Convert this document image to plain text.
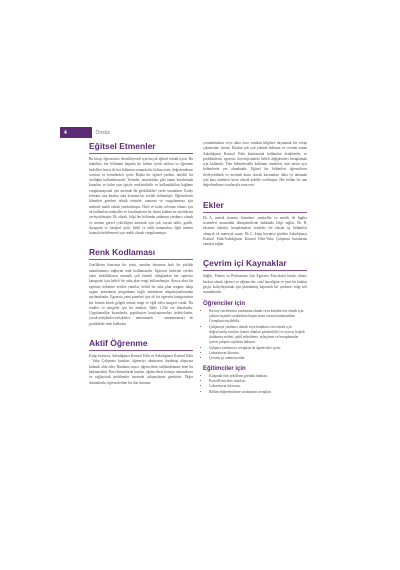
4	Önsöz
Eğitsel Etmenler

Bu kitap, öğrencinizi destekleyecek için birçok eğitsel teknik içerir. Bu teknikler, her bölümün başında bir bölüm içerik tablosu ve öğrenme hedefleri listesi ile her bölümün sonunda bir bölüm özeti, değerlendirme soruları ve terimlerden içerir. Başka bir eğitsel yardım, nörolik bir sözlüğün kullanılmasıdır. Terimler, tanımlıkları gibi tanım kutularında konuları ve kalın yazı tipiyle renklendirilir ve kullanıldıkları bağlamı vurgulamayarak için metinde ilk görüldükleri yerde tanımlanır. Kolay referans için kitabın arka kısmına bir sözlük eklenmiştir. Öğrencilerin bilmeleri gereken teknik terimler, anatomi ve vurgulanması için metinde mahlı olarak yazdırılmıştır. Hızlı ve kolay referans olması için ek kullanılan semboller ve kısaltmaların bir listesi kitabın en sayfalarına yerleştirilmiştir. Ek olarak, bilgi her bölümün anlaması yardımcı olmak ve metnin görsel çekiciliğini artırmak için çok sayıda tablo, grafik, diyagram ve fotoğraf içerir. Şekil ve tablo numaraları, ilgili metnin konuyla belirlenerek için renkli olarak vurgulanmıştır.

Renk Kodlaması

Grafiklerin bazısıniz bir yönü, sunulan duruman hızlı bir şekilde tanımlanmayı sağlayan renk kodlamasıdır. Egzersiz türlerine verilen yanıt farklılıklarını tanımak çok önemli olduğundan her egzersiz kategorisi için belirli bir arka plan rengi kullanılmıştır. Ayrıca akut bir egzersiz nöbetine verilen yanıtlar, belirli bir arka plan rengine sahip uygun antrenman programına bağlı antrenman adaptasyonlarından ayrılmaktadır. Egzersiz yanıt paneleri için ek bir egzersiz kategorisinin her birinin kendi gölgeli temalı rengi ve eğik eden simgesi vardır. Bu renkler ve simgeler için bir anahtar, Tablo 1.2'de yer almaktadır. Uygulamalılar kısımlarda, popülasyon karşılaştırmaları (erkek-kadın, çocuk-yetişkinler/yetişkinler, antrenmanlı - antrenmansız) de grafiklerde renk kodludur.

Aktif Öğrenme

Kitap boyunca, Anladığınızı Kontrol Edin ve Anladığınızı Kontrol Edin - Vaka Çalışması kutuları, öğrenciyi okumasını durdurup alıştırma bulmak oldu eder. Bunların sayısı, öğrencilerin talebindeninne bren bu hadanacaktır. Bazı durumlarda kutular, öğrencilerin konuyu anlamaların ve sağlayacak problemler üzerinde çalışmalarını gerektirir. Diğer durumlarda, öğrencilerden bir dizi durumu

yorumlamaları veya daha önce sunulan bilgilere dayanarak bir cevap çıkarmaları istenir. Kitabın çok çok yönüde bulunan ve cevrum sunan Anladığınızı Kontrol Edin kutularında kullanılan denklemler ve problemlerin, egzersiz fizyolojisindeki belirli değişkenleri hesaplamak için kullanılır. Tüm bölümlerdeki kullanım örnekleri, tüm metin ayrı bölümlerde yer almaktadır. Eğitsel bir bölümleri öğrencilerin ilerleyebilmek ve metinde konu olacak kavramları daha iyi anlamak için bazı örnekleri konu olacak şekilde verilmiştir. Her bölüm bir ana değerlendirme sorularıyla sona erer.

Ekler

Ek A, metrik sisteme, birimlere, semboller ve metrik ile İngiliz sistemleri arasındaki dönüşümlerine hakkında bilgi sağlar. Ek B, ekstrem tükettiri hesaplamaları örnekler ele alacak üç bölümleri olmayık ek materyal sunar. Ek C, kitap boyunca görülen Anladığınızı Kontrol Edin/Anladığınızı Kontrol Edin-Vaka Çalışması kutularına yanıtlar sağlar.

Çevrim içi Kaynaklar

Sağlık, Fitness ve Performans İçin Egzersiz Fizyolojisi kitabı, altıncı baskısı olarak öğrenci ve eğitimciler, sınıf hazırlığını ve yeni bir kitabın geçişi kolaylaştırmak için planlanmış kapsamlı bir yardımcı bilgi seti sunmaktadır.

Öğrenciler için
• Kavrayı incelemesi yardımına olmak veya kendini test etmek için çoktan seçmeli sorulardan oluşan sınav sorusu bankasından: Cevaplara erişilebilir.
• Çalışmaya yardımcı olmak veya kendinizi test etmek için doğru/yanlış soruları (yanıtı olanları gösterebilir) ve ayrıca, boşluk doldurma testleri, şekil etiketleme, eşleştirme ve hesaplamalar içeren çalışma sayfaları bulunur.
• Çalışma yardımcısı cevapları da öğrencileri içerir.
• Laboratuvar klavuzu.
• Çevrim içi animasyonlar.
Eğitimciler için
• Kitaptaki tüm şekillerin görüntü bankası.
• PowerPoint ders slaytları.
• Laboratuvar kılavuzu.
• Bölüm değerlendirme sorularının cevapları.
